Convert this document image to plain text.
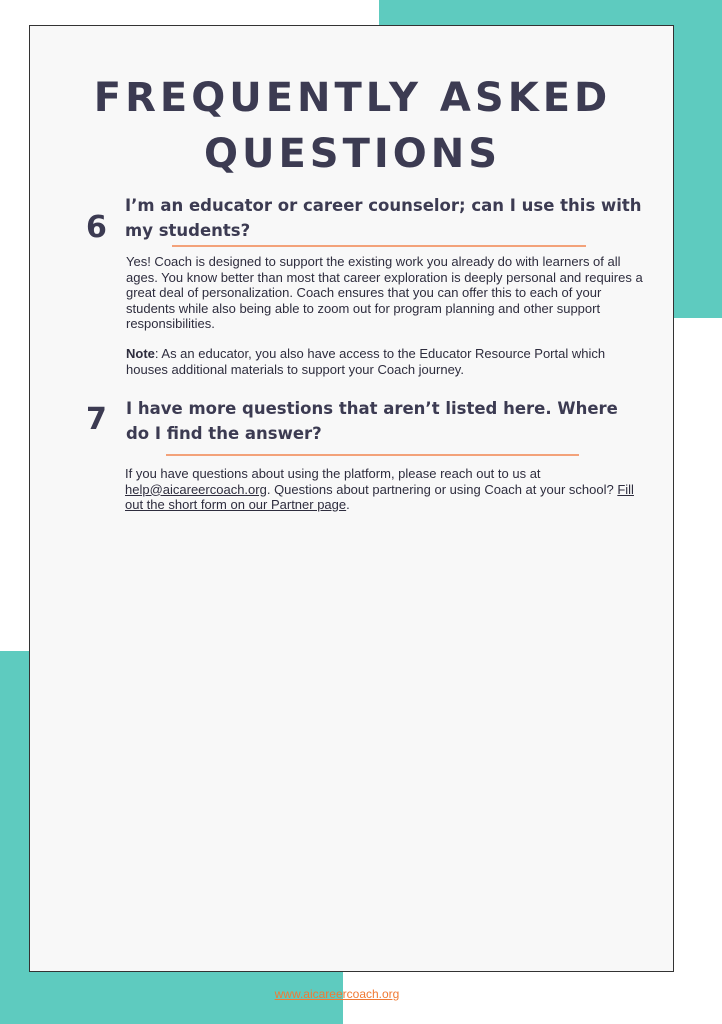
FREQUENTLY ASKED
QUESTIONS
6

I’m an educator or career counselor; can I use this with my students?

Yes! Coach is designed to support the existing work you already do with learners of all ages. You know better than most that career exploration is deeply personal and requires a great deal of personalization. Coach ensures that you can offer this to each of your students while also being able to zoom out for program planning and other support responsibilities.

Note: As an educator, you also have access to the Educator Resource Portal which houses additional materials to support your Coach journey.

7 I have more questions that aren’t listed here. Where do I find the answer?

If you have questions about using the platform, please reach out to us at help@aicareercoach.org. Questions about partnering or using Coach at your school? Fill out the short form on our Partner page.

www.aicareercoach.org
